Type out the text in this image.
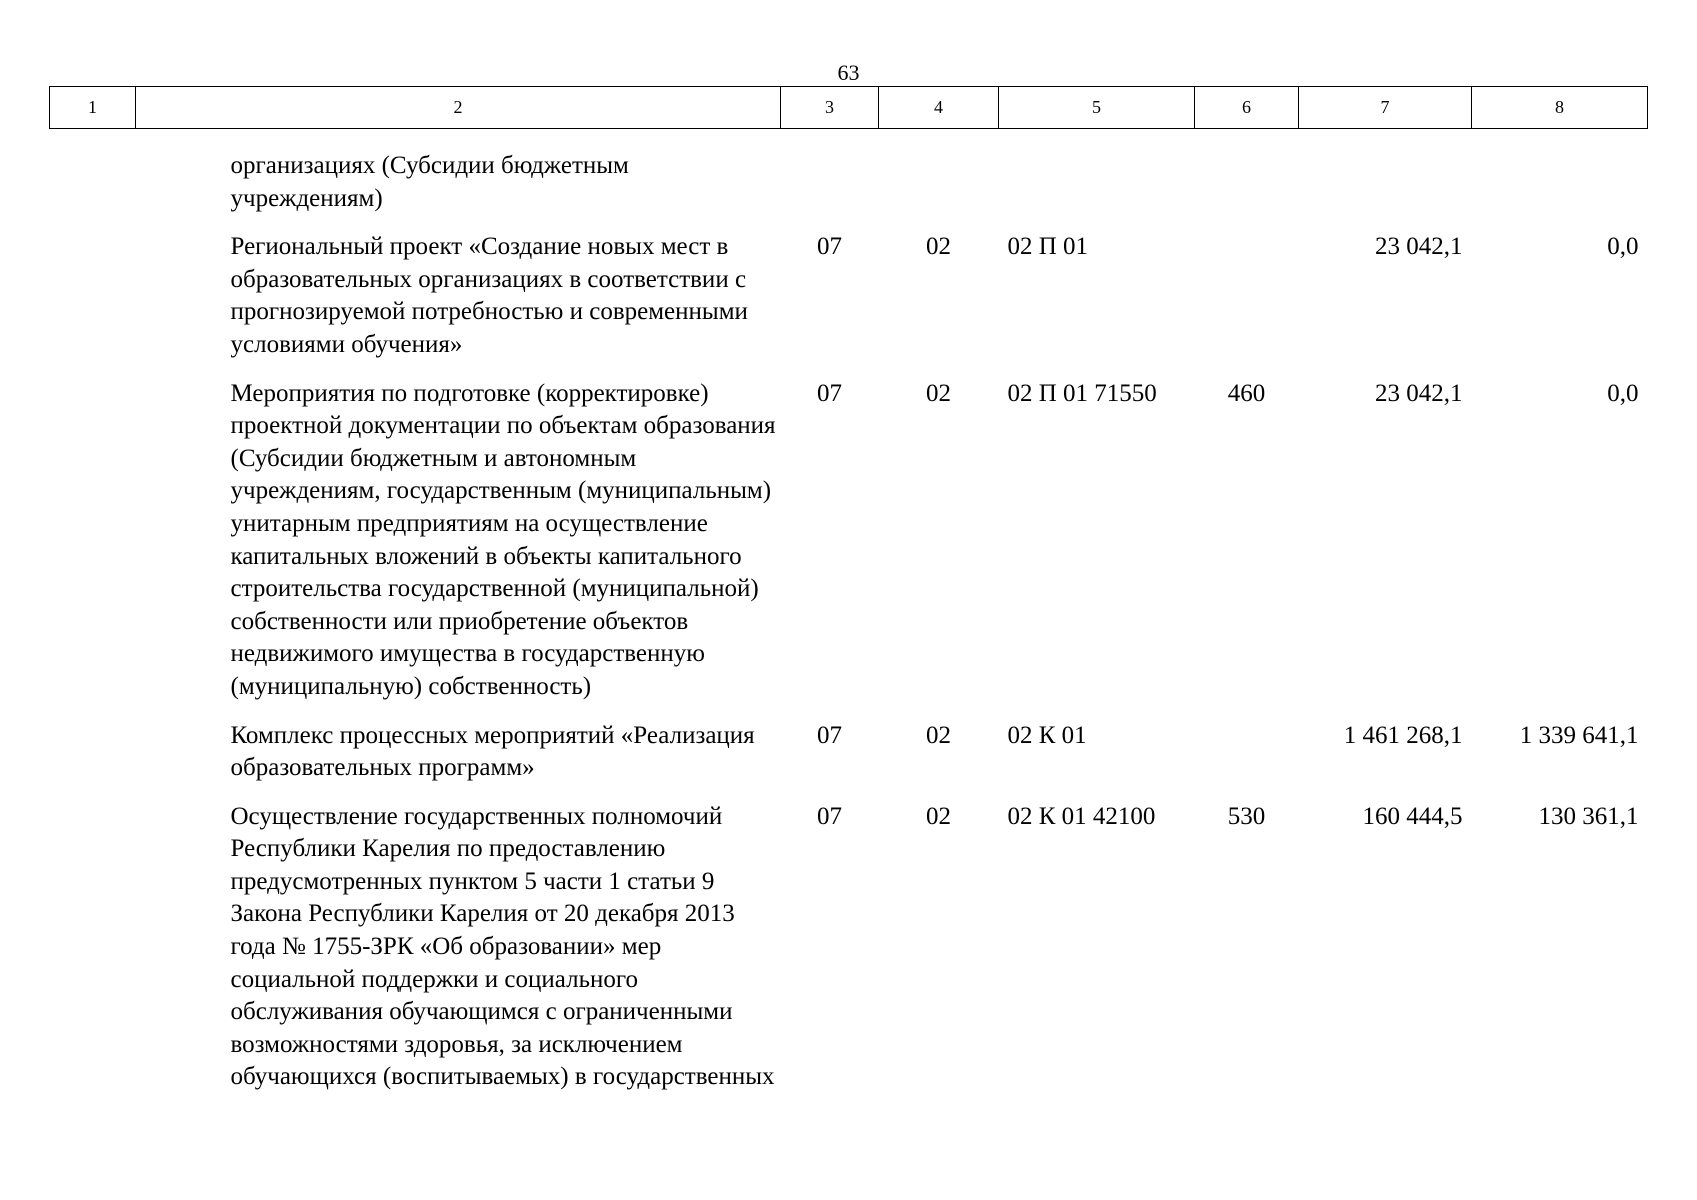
63
1	2	3	4	5	6	7	8
	организациях (Субсидии бюджетным учреждениям)						
	Региональный проект «Создание новых мест в образовательных организациях в соответствии с прогнозируемой потребностью и современными условиями обучения»	07	02	02 П 01		23 042,1	0,0
	Мероприятия по подготовке (корректировке) проектной документации по объектам образования (Субсидии бюджетным и автономным учреждениям, государственным (муниципальным) унитарным предприятиям на осуществление капитальных вложений в объекты капитального строительства государственной (муниципальной) собственности или приобретение объектов недвижимого имущества в государственную (муниципальную) собственность)	07	02	02 П 01 71550	460	23 042,1	0,0
	Комплекс процессных мероприятий «Реализация образовательных программ»	07	02	02 К 01		1 461 268,1	1 339 641,1
	Осуществление государственных полномочий Республики Карелия по предоставлению предусмотренных пунктом 5 части 1 статьи 9 Закона Республики Карелия от 20 декабря 2013 года № 1755-ЗРК «Об образовании» мер социальной поддержки и социального обслуживания обучающимся с ограниченными возможностями здоровья, за исключением обучающихся (воспитываемых) в государственных	07	02	02 К 01 42100	530	160 444,5	130 361,1
